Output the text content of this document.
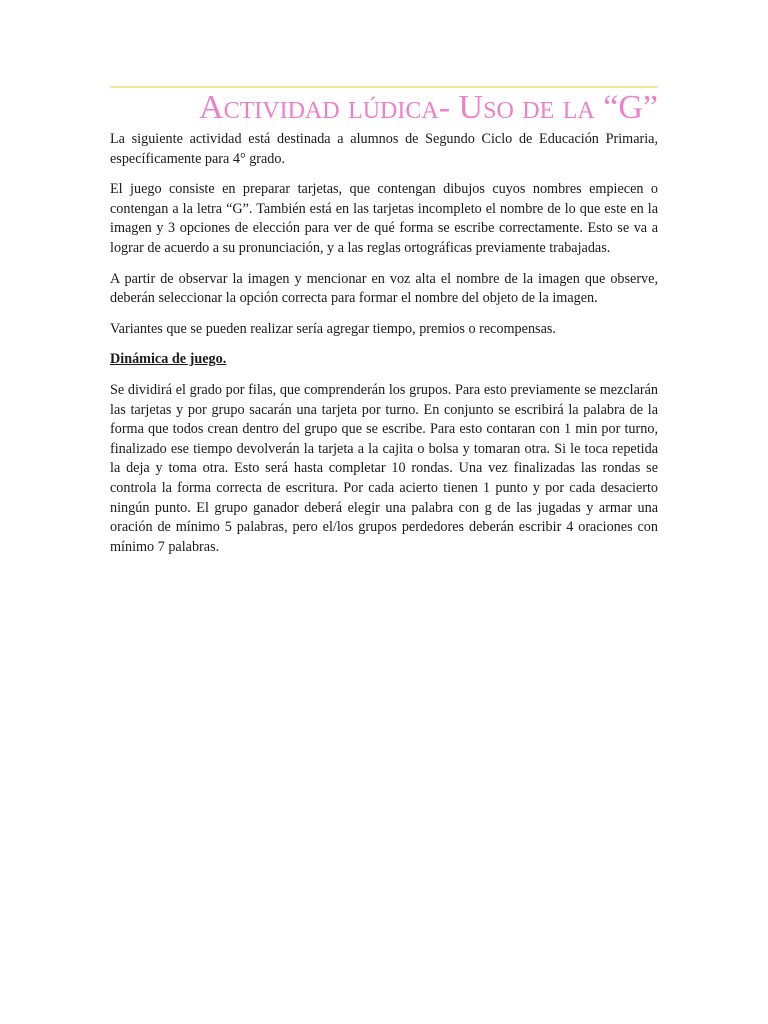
Actividad lúdica- Uso de la “G”

La siguiente actividad está destinada a alumnos de Segundo Ciclo de Educación Primaria, específicamente para 4° grado.

El juego consiste en preparar tarjetas, que contengan dibujos cuyos nombres empiecen o contengan a la letra “G”. También está en las tarjetas incompleto el nombre de lo que este en la imagen y 3 opciones de elección para ver de qué forma se escribe correctamente. Esto se va a lograr de acuerdo a su pronunciación, y a las reglas ortográficas previamente trabajadas.

A partir de observar la imagen y mencionar en voz alta el nombre de la imagen que observe, deberán seleccionar la opción correcta para formar el nombre del objeto de la imagen.

Variantes que se pueden realizar sería agregar tiempo, premios o recompensas.

Dinámica de juego.

Se dividirá el grado por filas, que comprenderán los grupos. Para esto previamente se mezclarán las tarjetas y por grupo sacarán una tarjeta por turno. En conjunto se escribirá la palabra de la forma que todos crean dentro del grupo que se escribe. Para esto contaran con 1 min por turno, finalizado ese tiempo devolverán la tarjeta a la cajita o bolsa y tomaran otra. Si le toca repetida la deja y toma otra. Esto será hasta completar 10 rondas. Una vez finalizadas las rondas se controla la forma correcta de escritura. Por cada acierto tienen 1 punto y por cada desacierto ningún punto. El grupo ganador deberá elegir una palabra con g de las jugadas y armar una oración de mínimo 5 palabras, pero el/los grupos perdedores deberán escribir 4 oraciones con mínimo 7 palabras.
